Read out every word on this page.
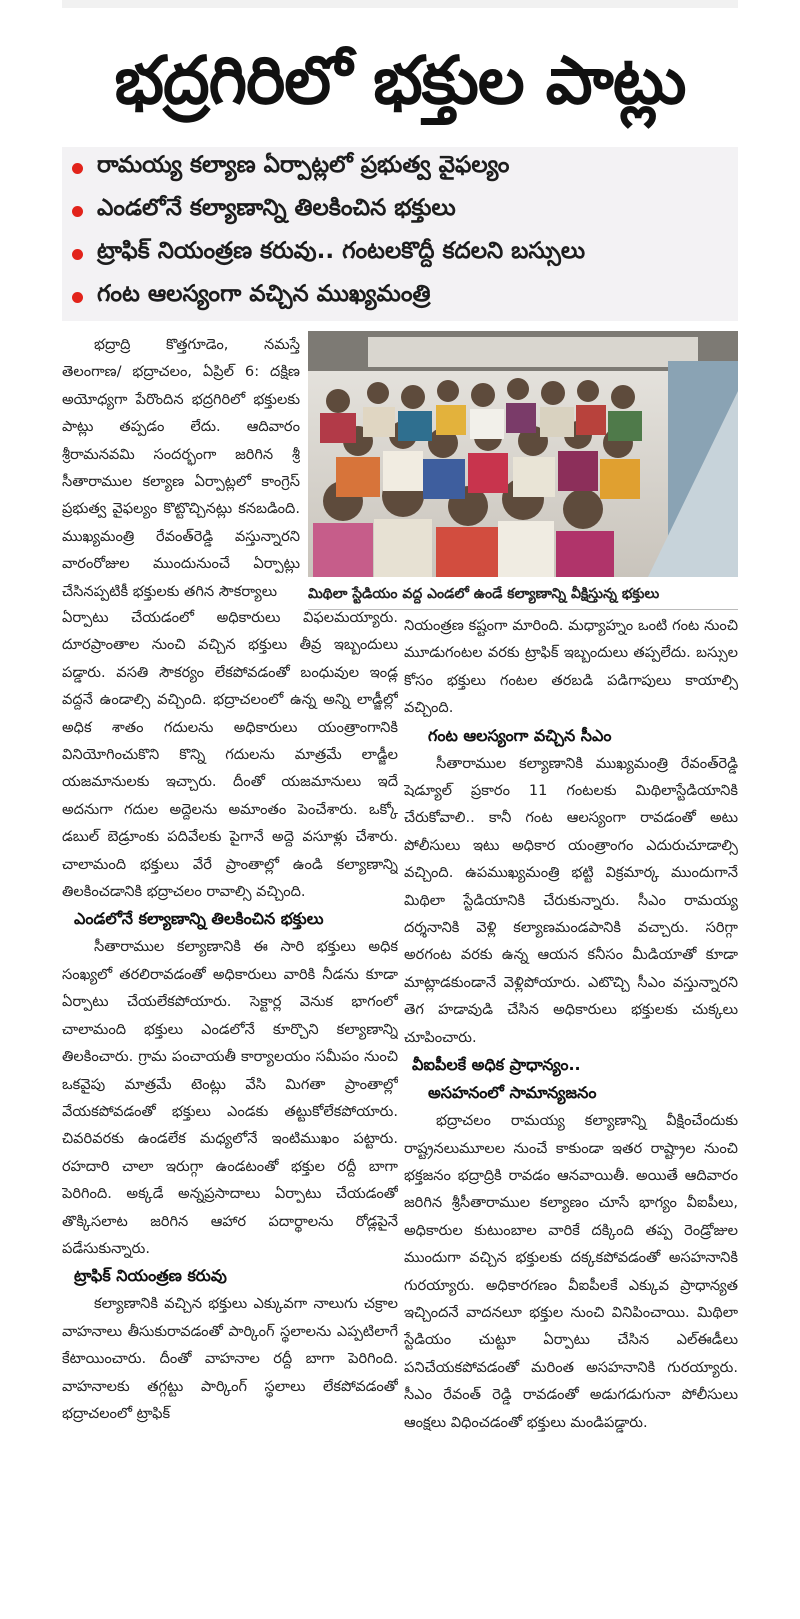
భద్రగిరిలో భక్తుల పాట్లు
రామయ్య కల్యాణ ఏర్పాట్లలో ప్రభుత్వ వైఫల్యం
ఎండలోనే కల్యాణాన్ని తిలకించిన భక్తులు
ట్రాఫిక్ నియంత్రణ కరువు.. గంటలకొద్దీ కదలని బస్సులు
గంట ఆలస్యంగా వచ్చిన ముఖ్యమంత్రి
మిథిలా స్టేడియం వద్ద ఎండలో ఉండే కల్యాణాన్ని వీక్షిస్తున్న భక్తులు

భద్రాద్రి కొత్తగూడెం, నమస్తే తెలంగాణ/ భద్రాచలం, ఏప్రిల్ 6: దక్షిణ అయోధ్యగా పేరొందిన భద్రగిరిలో భక్తులకు పాట్లు తప్పడం లేదు. ఆదివారం శ్రీరామనవమి సందర్భంగా జరిగిన శ్రీ సీతారాముల కల్యాణ ఏర్పాట్లలో కాంగ్రెస్ ప్రభుత్వ వైఫల్యం కొట్టొచ్చినట్లు కనబడింది. ముఖ్యమంత్రి రేవంత్‌రెడ్డి వస్తున్నారని వారంరోజుల ముందునుంచే ఏర్పాట్లు చేసినప్పటికీ భక్తులకు తగిన సౌకర్యాలు

ఏర్పాటు చేయడంలో అధికారులు విఫలమయ్యారు. దూరప్రాంతాల నుంచి వచ్చిన భక్తులు తీవ్ర ఇబ్బందులు పడ్డారు. వసతి సౌకర్యం లేకపోవడంతో బంధువుల ఇండ్ల వద్దనే ఉండాల్సి వచ్చింది. భద్రాచలంలో ఉన్న అన్ని లాడ్జీల్లో అధిక శాతం గదులను అధికారులు యంత్రాంగానికి వినియోగించుకొని కొన్ని గదులను మాత్రమే లాడ్జీల యజమానులకు ఇచ్చారు. దీంతో యజమానులు ఇదే అదనుగా గదుల అద్దెలను అమాంతం పెంచేశారు. ఒక్కో డబుల్ బెడ్రూంకు పదివేలకు పైగానే అద్దె వసూళ్లు చేశారు. చాలామంది భక్తులు వేరే ప్రాంతాల్లో ఉండి కల్యాణాన్ని తిలకించడానికి భద్రాచలం రావాల్సి వచ్చింది.

ఎండలోనే కల్యాణాన్ని తిలకించిన భక్తులు

సీతారాముల కల్యాణానికి ఈ సారి భక్తులు అధిక సంఖ్యలో తరలిరావడంతో అధికారులు వారికి నీడను కూడా ఏర్పాటు చేయలేకపోయారు. సెక్టార్ల వెనుక భాగంలో చాలామంది భక్తులు ఎండలోనే కూర్చొని కల్యాణాన్ని తిలకించారు. గ్రామ పంచాయతీ కార్యాలయం సమీపం నుంచి ఒకవైపు మాత్రమే టెంట్లు వేసి మిగతా ప్రాంతాల్లో వేయకపోవడంతో భక్తులు ఎండకు తట్టుకోలేకపోయారు. చివరివరకు ఉండలేక మధ్యలోనే ఇంటిముఖం పట్టారు. రహదారి చాలా ఇరుగ్గా ఉండటంతో భక్తుల రద్దీ బాగా పెరిగింది. అక్కడే అన్నప్రసాదాలు ఏర్పాటు చేయడంతో తొక్కిసలాట జరిగిన ఆహార పదార్థాలను రోడ్లపైనే పడేసుకున్నారు.

ట్రాఫిక్ నియంత్రణ కరువు

కల్యాణానికి వచ్చిన భక్తులు ఎక్కువగా నాలుగు చక్రాల వాహనాలు తీసుకురావడంతో పార్కింగ్ స్థలాలను ఎప్పటిలాగే కేటాయించారు. దీంతో వాహనాల రద్దీ బాగా పెరిగింది. వాహనాలకు తగ్గట్టు పార్కింగ్ స్థలాలు లేకపోవడంతో భద్రాచలంలో ట్రాఫిక్

నియంత్రణ కష్టంగా మారింది. మధ్యాహ్నం ఒంటి గంట నుంచి మూడుగంటల వరకు ట్రాఫిక్ ఇబ్బందులు తప్పలేదు. బస్సుల కోసం భక్తులు గంటల తరబడి పడిగాపులు కాయాల్సి వచ్చింది.

గంట ఆలస్యంగా వచ్చిన సీఎం

సీతారాముల కల్యాణానికి ముఖ్యమంత్రి రేవంత్‌రెడ్డి షెడ్యూల్ ప్రకారం 11 గంటలకు మిథిలాస్టేడియానికి చేరుకోవాలి.. కానీ గంట ఆలస్యంగా రావడంతో అటు పోలీసులు ఇటు అధికార యంత్రాంగం ఎదురుచూడాల్సి వచ్చింది. ఉపముఖ్యమంత్రి భట్టి విక్రమార్క ముందుగానే మిథిలా స్టేడియానికి చేరుకున్నారు. సీఎం రామయ్య దర్శనానికి వెళ్లి కల్యాణమండపానికి వచ్చారు. సరిగ్గా అరగంట వరకు ఉన్న ఆయన కనీసం మీడియాతో కూడా మాట్లాడకుండానే వెళ్లిపోయారు. ఎటొచ్చి సీఎం వస్తున్నారని తెగ హడావుడి చేసిన అధికారులు భక్తులకు చుక్కలు చూపించారు.

వీఐపీలకే అధిక ప్రాధాన్యం..

అసహనంలో సామాన్యజనం

భద్రాచలం రామయ్య కల్యాణాన్ని వీక్షించేందుకు రాష్ట్రనలుమూలల నుంచే కాకుండా ఇతర రాష్ట్రాల నుంచి భక్తజనం భద్రాద్రికి రావడం ఆనవాయితీ. అయితే ఆదివారం జరిగిన శ్రీసీతారాముల కల్యాణం చూసే భాగ్యం వీఐపీలు, అధికారుల కుటుంబాల వారికే దక్కింది తప్ప రెండ్రోజుల ముందుగా వచ్చిన భక్తులకు దక్కకపోవడంతో అసహనానికి గురయ్యారు. అధికారగణం వీఐపీలకే ఎక్కువ ప్రాధాన్యత ఇచ్చిందనే వాదనలూ భక్తుల నుంచి వినిపించాయి. మిథిలా స్టేడియం చుట్టూ ఏర్పాటు చేసిన ఎల్‌ఈడీలు పనిచేయకపోవడంతో మరింత అసహనానికి గురయ్యారు. సీఎం రేవంత్ రెడ్డి రావడంతో అడుగడుగునా పోలీసులు ఆంక్షలు విధించడంతో భక్తులు మండిపడ్డారు.
